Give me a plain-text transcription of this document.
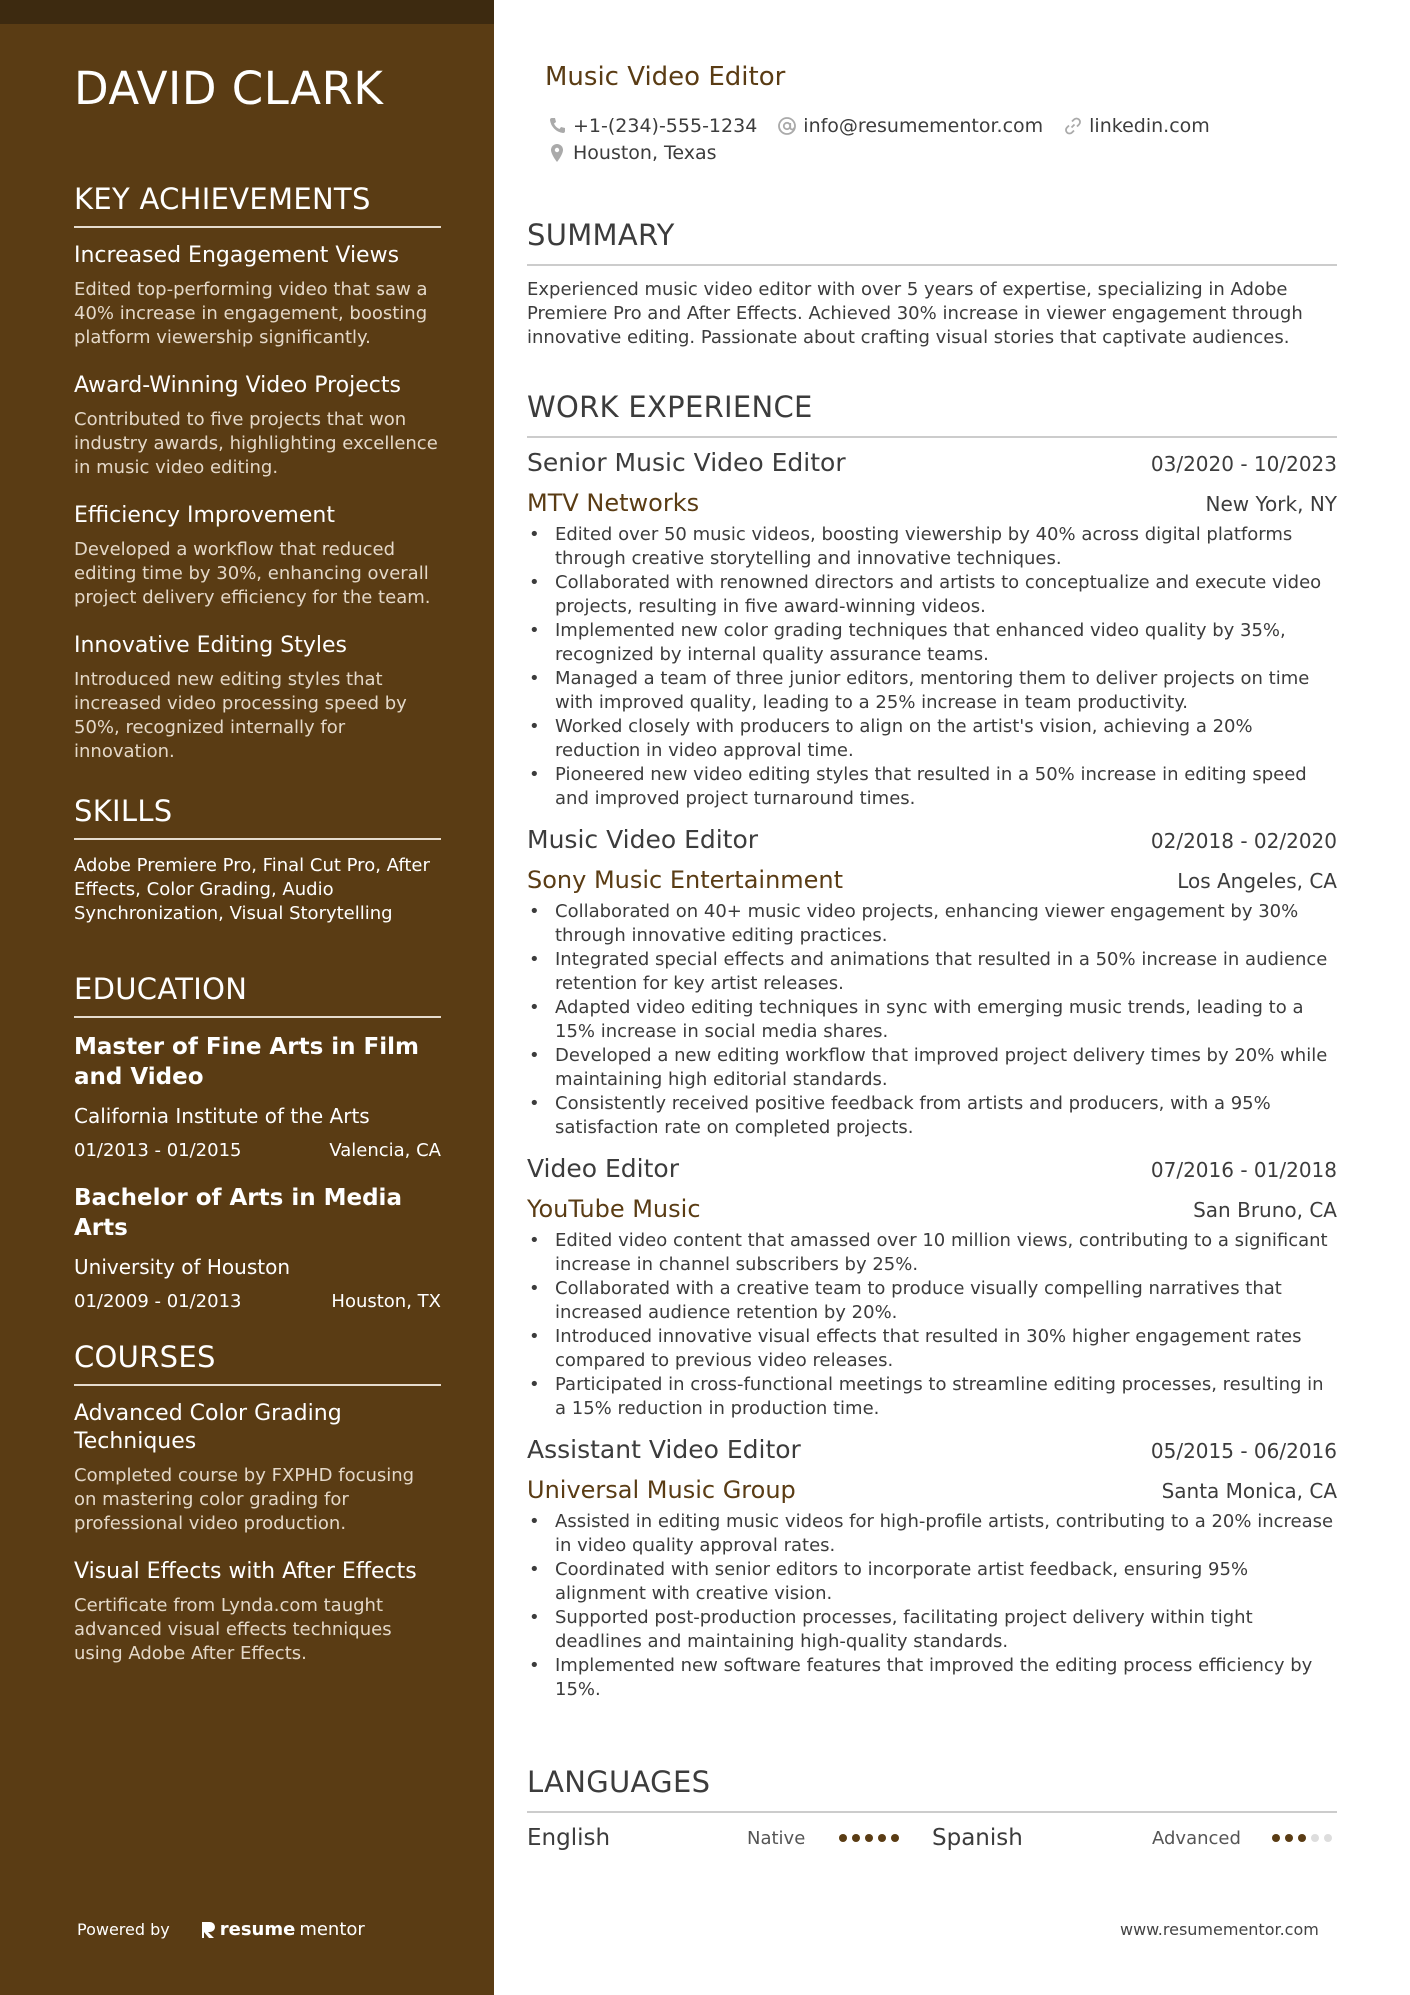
DAVID CLARK
KEY ACHIEVEMENTS
Increased Engagement Views
Edited top-performing video that saw a 40% increase in engagement, boosting platform viewership significantly.
Award-Winning Video Projects
Contributed to five projects that won industry awards, highlighting excellence in music video editing.
Efficiency Improvement
Developed a workflow that reduced editing time by 30%, enhancing overall project delivery efficiency for the team.
Innovative Editing Styles
Introduced new editing styles that increased video processing speed by 50%, recognized internally for innovation.
SKILLS
Adobe Premiere Pro, Final Cut Pro, After Effects, Color Grading, Audio Synchronization, Visual Storytelling
EDUCATION
Master of Fine Arts in Film and Video
California Institute of the Arts
01/2013 - 01/2015	Valencia, CA
Bachelor of Arts in Media Arts
University of Houston
01/2009 - 01/2013	Houston, TX
COURSES
Advanced Color Grading Techniques
Completed course by FXPHD focusing on mastering color grading for professional video production.
Visual Effects with After Effects
Certificate from Lynda.com taught advanced visual effects techniques using Adobe After Effects.
Powered by	resume mentor
Music Video Editor
+1-(234)-555-1234 info@resumementor.com linkedin.com
Houston, Texas
SUMMARY
Experienced music video editor with over 5 years of expertise, specializing in Adobe Premiere Pro and After Effects. Achieved 30% increase in viewer engagement through innovative editing. Passionate about crafting visual stories that captivate audiences.
WORK EXPERIENCE
Senior Music Video Editor	03/2020 - 10/2023
MTV Networks	New York, NY
• Edited over 50 music videos, boosting viewership by 40% across digital platforms through creative storytelling and innovative techniques.
• Collaborated with renowned directors and artists to conceptualize and execute video projects, resulting in five award-winning videos.
• Implemented new color grading techniques that enhanced video quality by 35%, recognized by internal quality assurance teams.
• Managed a team of three junior editors, mentoring them to deliver projects on time with improved quality, leading to a 25% increase in team productivity.
• Worked closely with producers to align on the artist's vision, achieving a 20% reduction in video approval time.
• Pioneered new video editing styles that resulted in a 50% increase in editing speed and improved project turnaround times.
Music Video Editor	02/2018 - 02/2020
Sony Music Entertainment	Los Angeles, CA
• Collaborated on 40+ music video projects, enhancing viewer engagement by 30% through innovative editing practices.
• Integrated special effects and animations that resulted in a 50% increase in audience retention for key artist releases.
• Adapted video editing techniques in sync with emerging music trends, leading to a 15% increase in social media shares.
• Developed a new editing workflow that improved project delivery times by 20% while maintaining high editorial standards.
• Consistently received positive feedback from artists and producers, with a 95% satisfaction rate on completed projects.
Video Editor	07/2016 - 01/2018
YouTube Music	San Bruno, CA
• Edited video content that amassed over 10 million views, contributing to a significant increase in channel subscribers by 25%.
• Collaborated with a creative team to produce visually compelling narratives that increased audience retention by 20%.
• Introduced innovative visual effects that resulted in 30% higher engagement rates compared to previous video releases.
• Participated in cross-functional meetings to streamline editing processes, resulting in a 15% reduction in production time.
Assistant Video Editor	05/2015 - 06/2016
Universal Music Group	Santa Monica, CA
• Assisted in editing music videos for high-profile artists, contributing to a 20% increase in video quality approval rates.
• Coordinated with senior editors to incorporate artist feedback, ensuring 95% alignment with creative vision.
• Supported post-production processes, facilitating project delivery within tight deadlines and maintaining high-quality standards.
• Implemented new software features that improved the editing process efficiency by 15%.
LANGUAGES
English	Native	Spanish	Advanced
www.resumementor.com
